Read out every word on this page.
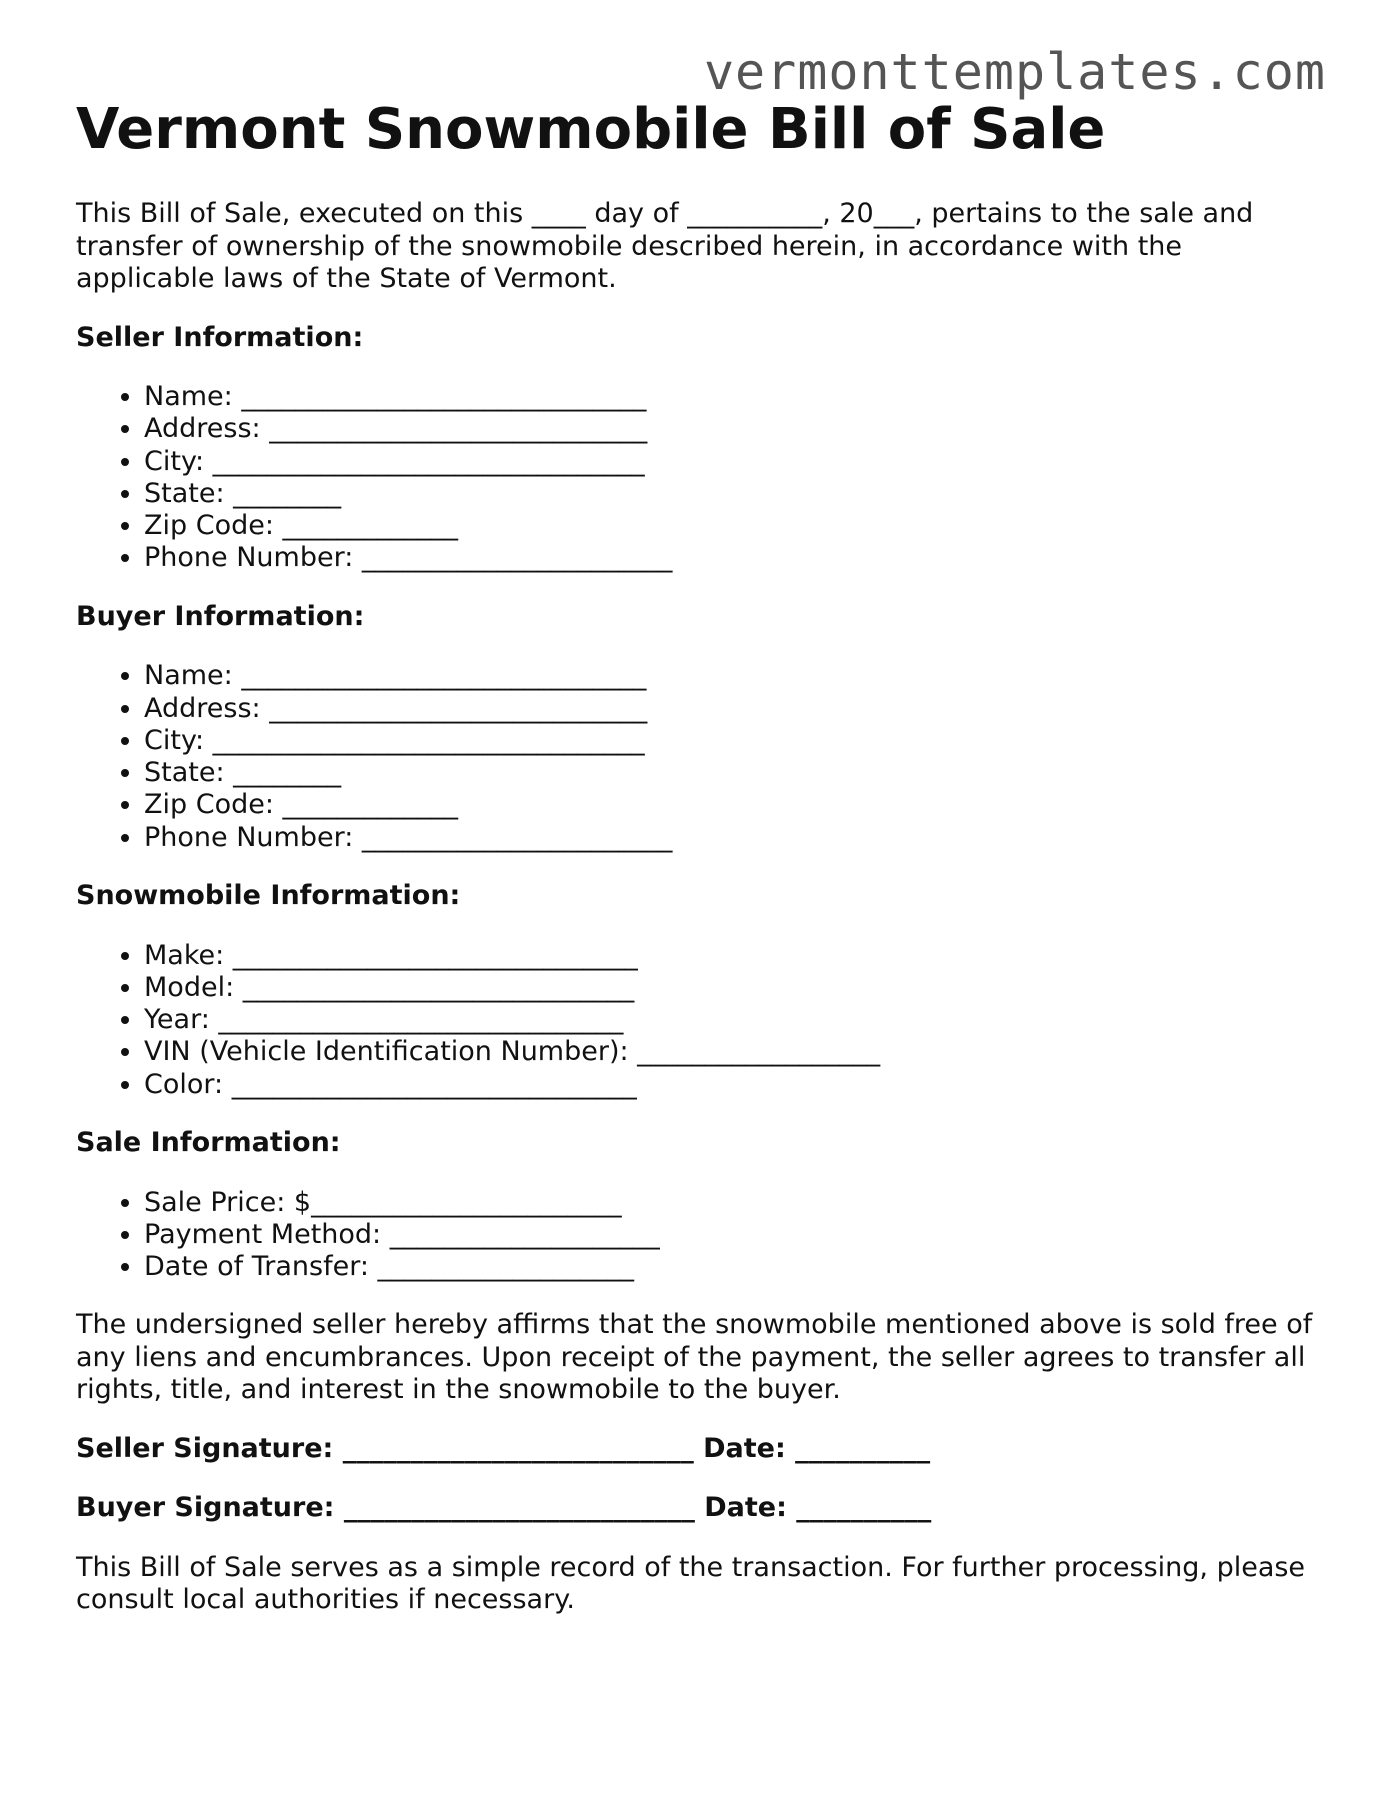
vermonttemplates.com
Vermont Snowmobile Bill of Sale

This Bill of Sale, executed on this ____ day of __________, 20___, pertains to the sale and transfer of ownership of the snowmobile described herein, in accordance with the applicable laws of the State of Vermont.

Seller Information:
• Name: ______________________________
• Address: ____________________________
• City: ________________________________
• State: ________
• Zip Code: _____________
• Phone Number: _______________________
Buyer Information:
• Name: ______________________________
• Address: ____________________________
• City: ________________________________
• State: ________
• Zip Code: _____________
• Phone Number: _______________________
Snowmobile Information:
• Make: ______________________________
• Model: _____________________________
• Year: ______________________________
• VIN (Vehicle Identification Number): __________________
• Color: ______________________________
Sale Information:
• Sale Price: $_______________________
• Payment Method: ____________________
• Date of Transfer: ___________________

The undersigned seller hereby affirms that the snowmobile mentioned above is sold free of any liens and encumbrances. Upon receipt of the payment, the seller agrees to transfer all rights, title, and interest in the snowmobile to the buyer.

Seller Signature: __________________________ Date: __________
Buyer Signature: __________________________ Date: __________

This Bill of Sale serves as a simple record of the transaction. For further processing, please consult local authorities if necessary.
